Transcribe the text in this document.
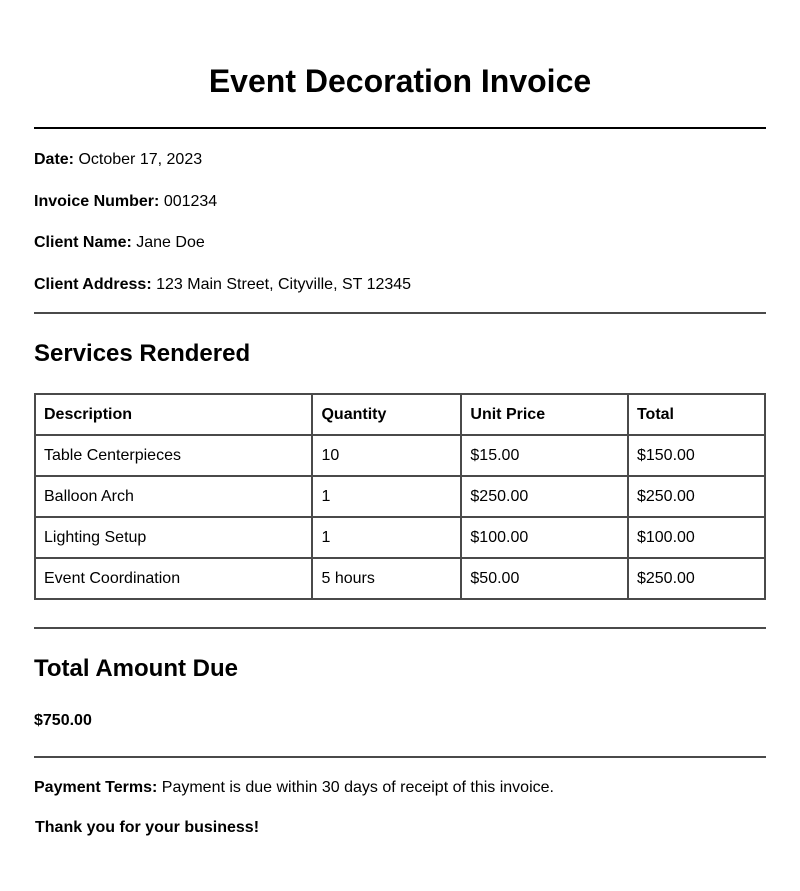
Event Decoration Invoice
Date: October 17, 2023
Invoice Number: 001234
Client Name: Jane Doe
Client Address: 123 Main Street, Cityville, ST 12345
Services Rendered
Description	Quantity	Unit Price	Total
Table Centerpieces	10	$15.00	$150.00
Balloon Arch	1	$250.00	$250.00
Lighting Setup	1	$100.00	$100.00
Event Coordination	5 hours	$50.00	$250.00
Total Amount Due
$750.00
Payment Terms: Payment is due within 30 days of receipt of this invoice.
Thank you for your business!
